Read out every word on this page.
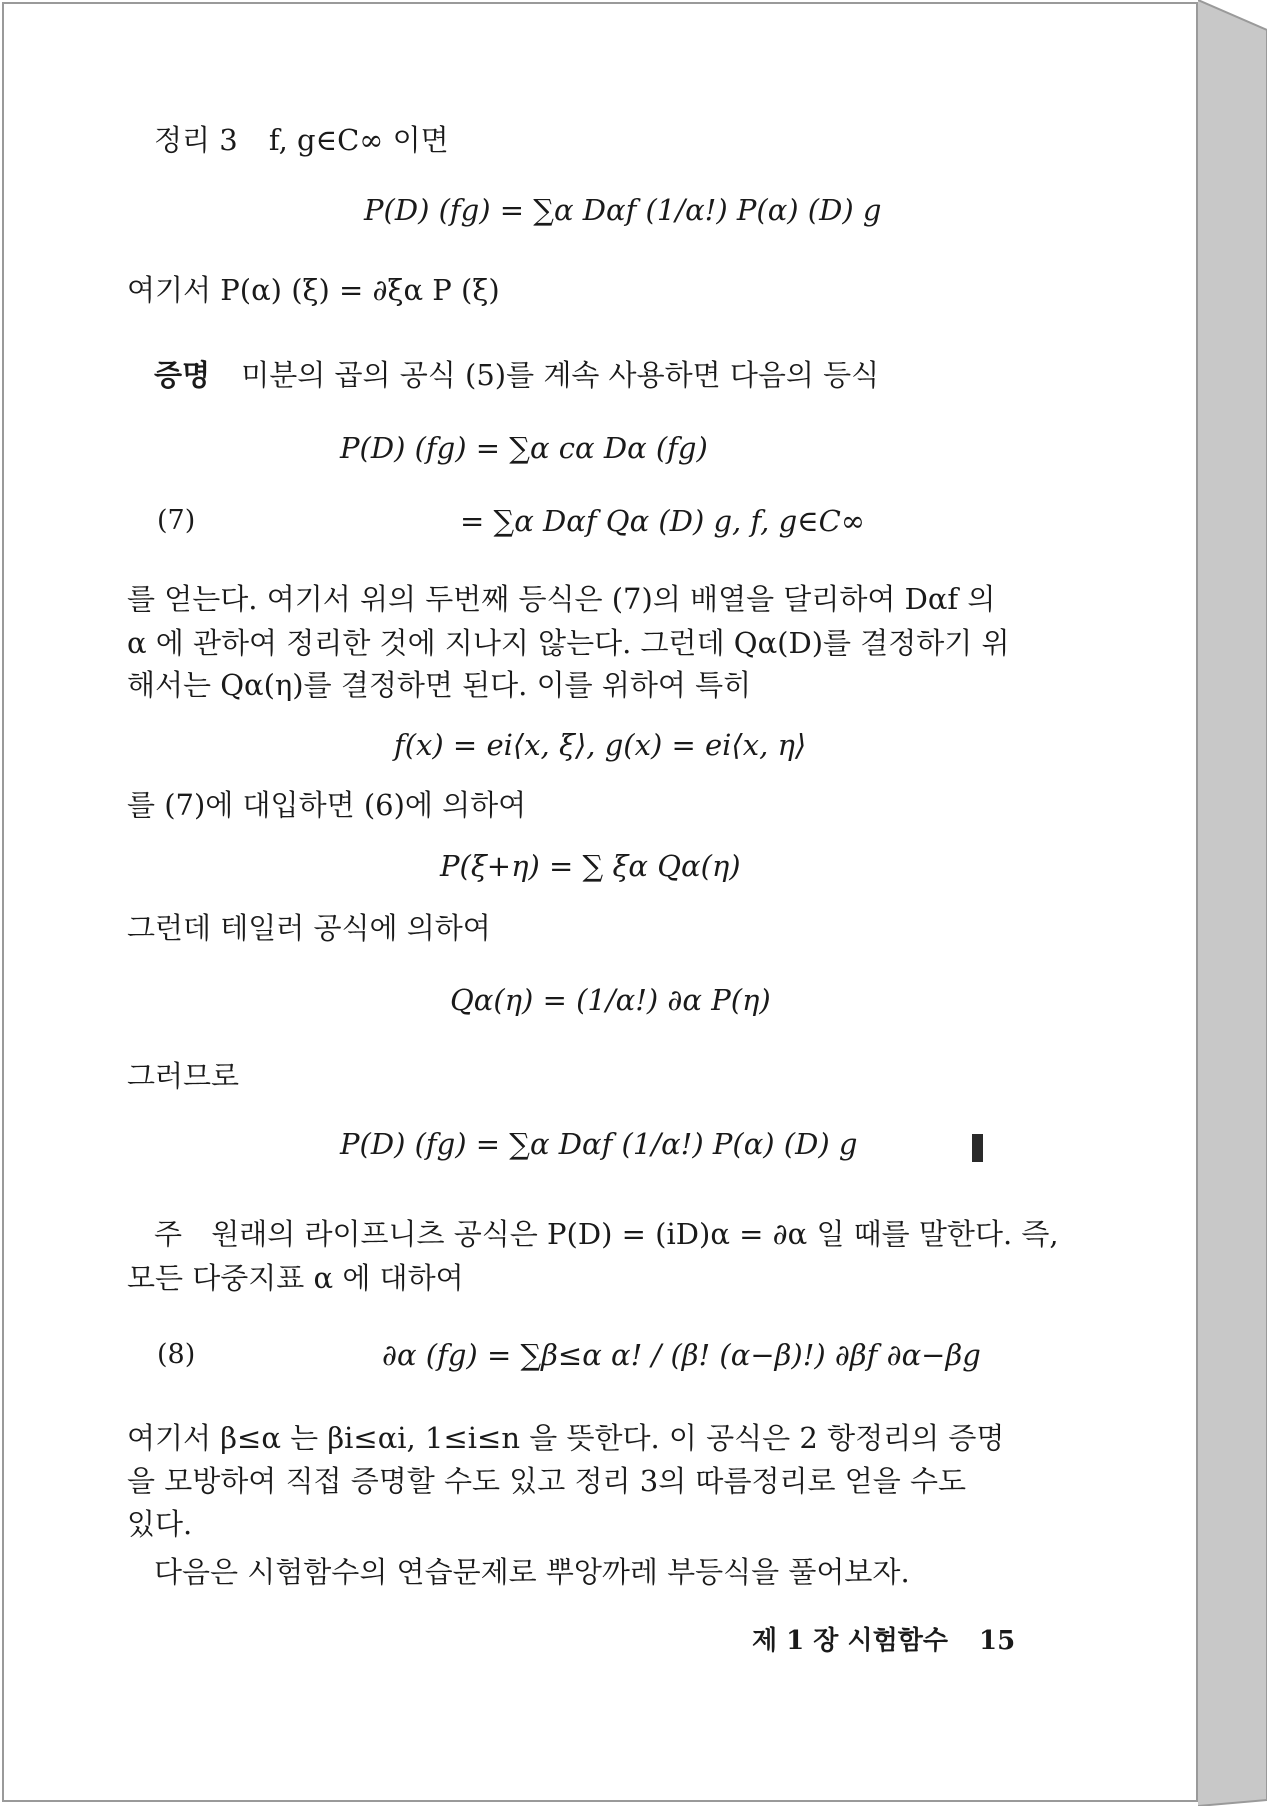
정리 3 f, g∈C∞ 이면
P(D) (fg) = ∑α Dαf (1/α!) P(α) (D) g
여기서 P(α) (ξ) = ∂ξα P (ξ)
증명 미분의 곱의 공식 (5)를 계속 사용하면 다음의 등식
P(D) (fg) = ∑α cα Dα (fg)
(7)	= ∑α Dαf Qα (D) g, f, g∈C∞
를 얻는다. 여기서 위의 두번째 등식은 (7)의 배열을 달리하여 Dαf 의
α 에 관하여 정리한 것에 지나지 않는다. 그런데 Qα(D)를 결정하기 위
해서는 Qα(η)를 결정하면 된다. 이를 위하여 특히
f(x) = ei⟨x, ξ⟩, g(x) = ei⟨x, η⟩
를 (7)에 대입하면 (6)에 의하여
P(ξ+η) = ∑ ξα Qα(η)
그런데 테일러 공식에 의하여
Qα(η) = (1/α!) ∂α P(η)
그러므로
P(D) (fg) = ∑α Dαf (1/α!) P(α) (D) g
주 원래의 라이프니츠 공식은 P(D) = (iD)α = ∂α 일 때를 말한다. 즉,
모든 다중지표 α 에 대하여
(8)	∂α (fg) = ∑β≤α α! / (β! (α−β)!) ∂βf ∂α−βg
여기서 β≤α 는 βi≤αi, 1≤i≤n 을 뜻한다. 이 공식은 2 항정리의 증명
을 모방하여 직접 증명할 수도 있고 정리 3의 따름정리로 얻을 수도
있다.
다음은 시험함수의 연습문제로 뿌앙까레 부등식을 풀어보자.
제 1 장 시험함수 15
